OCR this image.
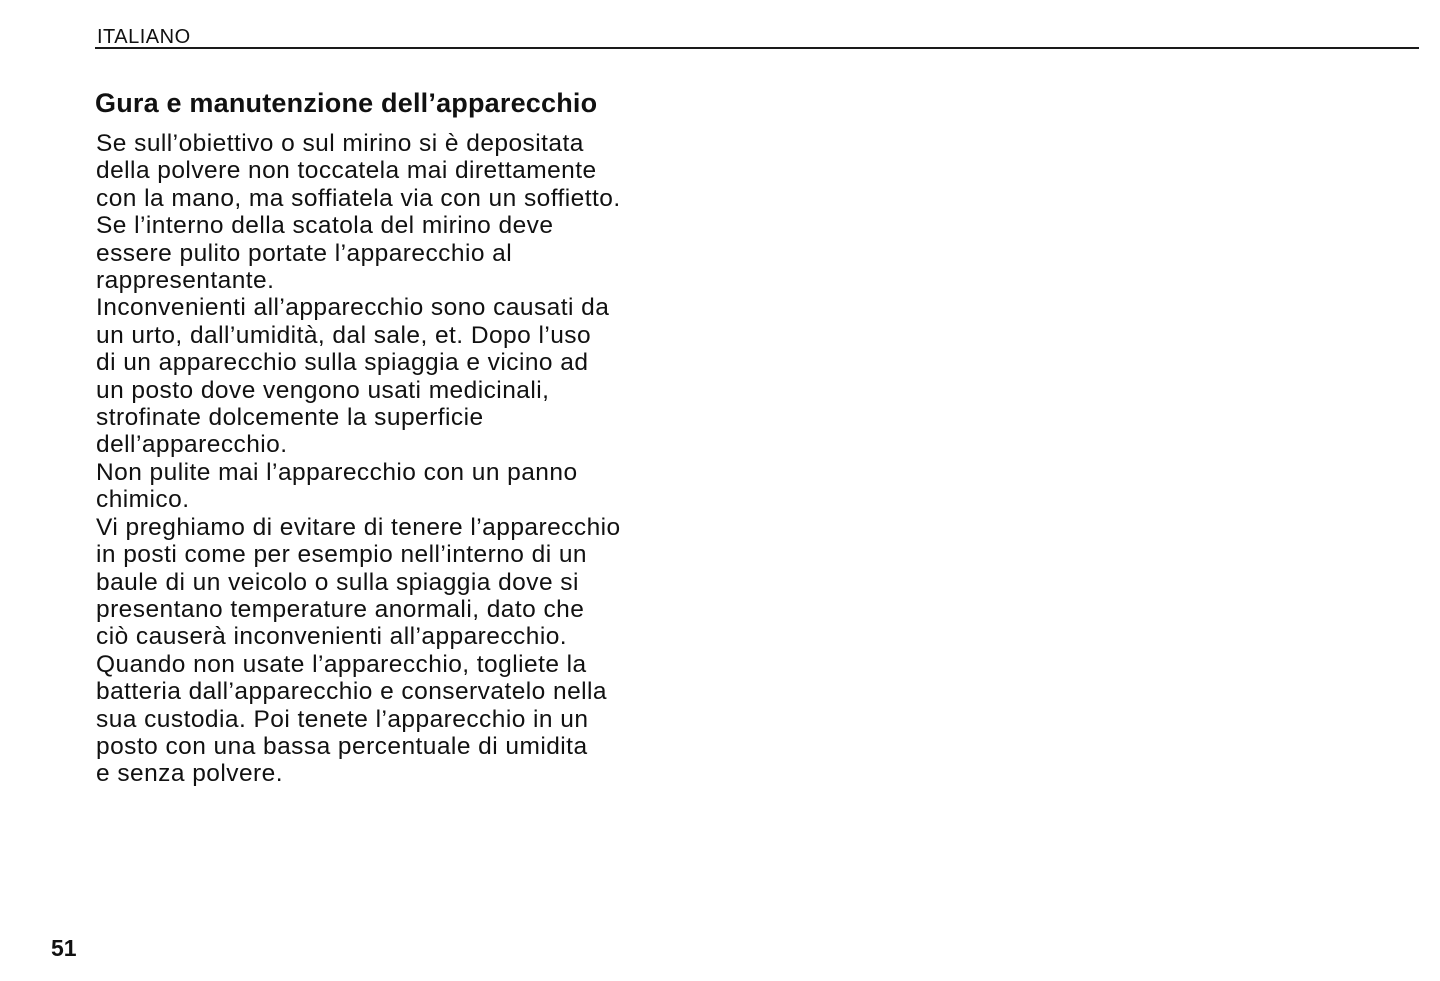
ITALIANO
Gura e manutenzione dell’apparecchio
Se sull’obiettivo o sul mirino si è depositata
della polvere non toccatela mai direttamente
con la mano, ma soffiatela via con un soffietto.
Se l’interno della scatola del mirino deve
essere pulito portate l’apparecchio al
rappresentante.
Inconvenienti all’apparecchio sono causati da
un urto, dall’umidità, dal sale, et. Dopo l’uso
di un apparecchio sulla spiaggia e vicino ad
un posto dove vengono usati medicinali,
strofinate dolcemente la superficie
dell’apparecchio.
Non pulite mai l’apparecchio con un panno
chimico.
Vi preghiamo di evitare di tenere l’apparecchio
in posti come per esempio nell’interno di un
baule di un veicolo o sulla spiaggia dove si
presentano temperature anormali, dato che
ciò causerà inconvenienti all’apparecchio.
Quando non usate l’apparecchio, togliete la
batteria dall’apparecchio e conservatelo nella
sua custodia. Poi tenete l’apparecchio in un
posto con una bassa percentuale di umidita
e senza polvere.
51
